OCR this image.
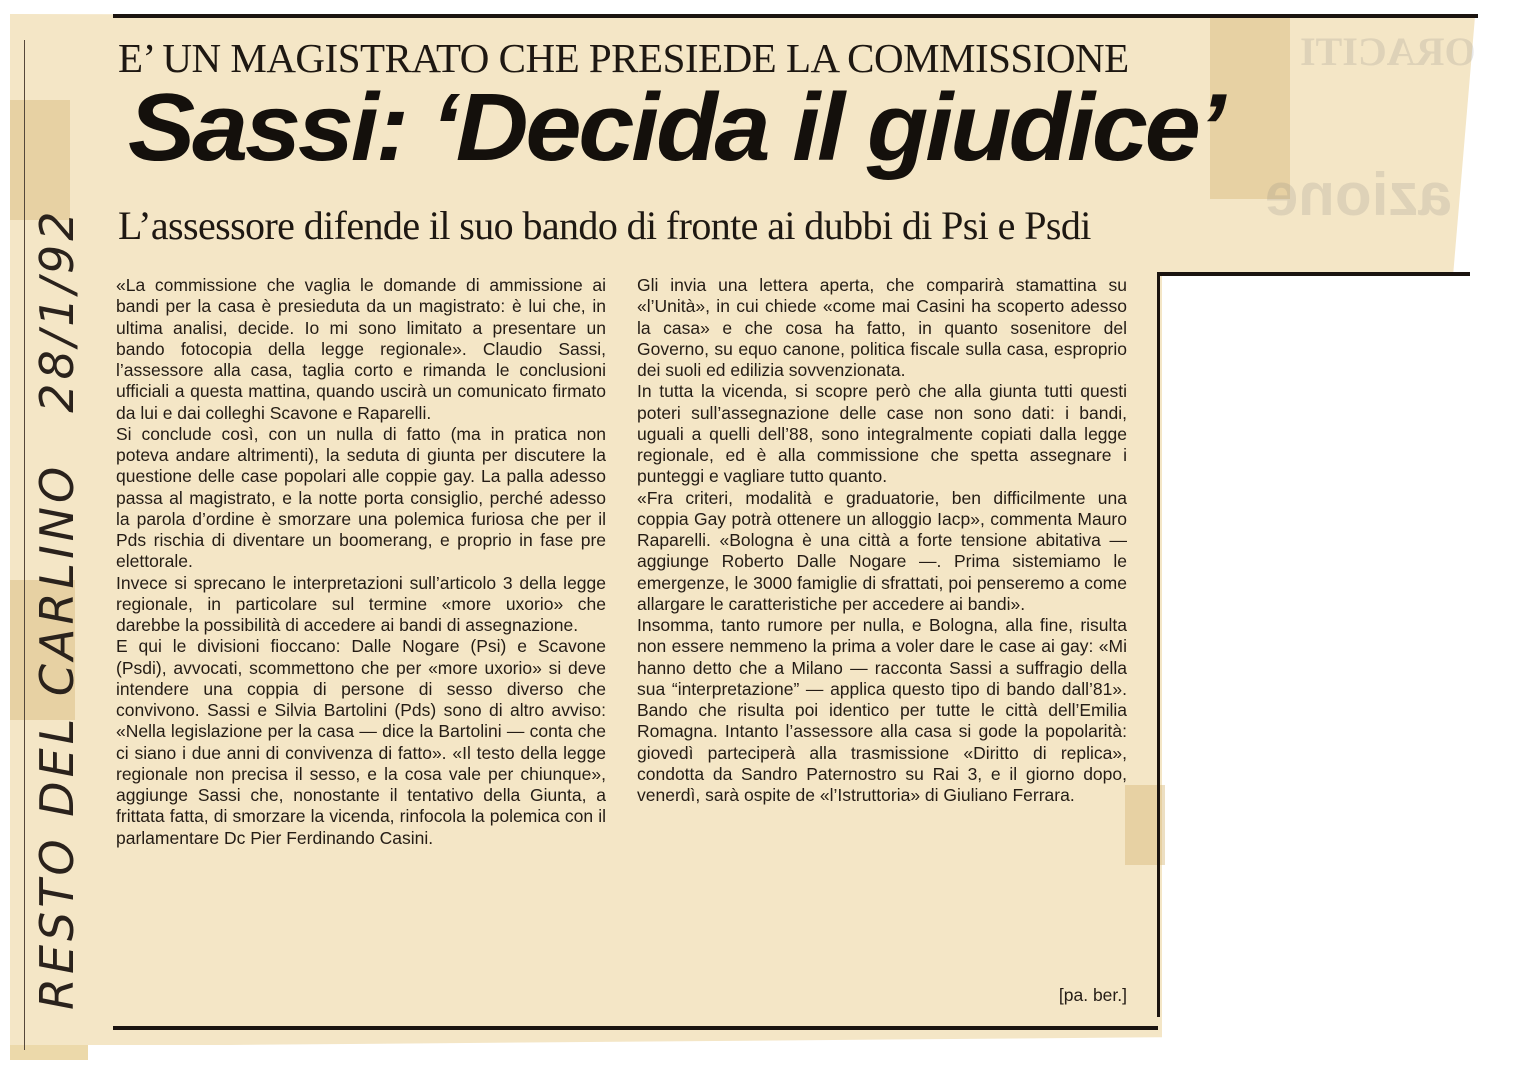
ORACITI
azione
E’ UN MAGISTRATO CHE PRESIEDE LA COMMISSIONE
Sassi: ‘Decida il giudice’
L’assessore difende il suo bando di fronte ai dubbi di Psi e Psdi

«La commissione che vaglia le domande di ammissione ai bandi per la casa è presieduta da un magistrato: è lui che, in ultima analisi, decide. Io mi sono limitato a presentare un bando fotocopia della legge regionale». Claudio Sassi, l’assessore alla casa, taglia corto e rimanda le conclusioni ufficiali a questa mattina, quando uscirà un comunicato firmato da lui e dai colleghi Scavone e Raparelli.

Si conclude così, con un nulla di fatto (ma in pratica non poteva andare altrimenti), la seduta di giunta per discutere la questione delle case popolari alle coppie gay. La palla adesso passa al magistrato, e la notte porta consiglio, perché adesso la parola d’ordine è smorzare una polemica furiosa che per il Pds rischia di diventare un boomerang, e proprio in fase pre elettorale.

Invece si sprecano le interpretazioni sull’articolo 3 della legge regionale, in particolare sul termine «more uxorio» che darebbe la possibilità di accedere ai bandi di assegnazione.

E qui le divisioni fioccano: Dalle Nogare (Psi) e Scavone (Psdi), avvocati, scommettono che per «more uxorio» si deve intendere una coppia di persone di sesso diverso che convivono. Sassi e Silvia Bartolini (Pds) sono di altro avviso: «Nella legislazione per la casa — dice la Bartolini — conta che ci siano i due anni di convivenza di fatto». «Il testo della legge regionale non precisa il sesso, e la cosa vale per chiunque», aggiunge Sassi che, nonostante il tentativo della Giunta, a frittata fatta, di smorzare la vicenda, rinfocola la polemica con il parlamentare Dc Pier Ferdinando Casini.

Gli invia una lettera aperta, che comparirà stamattina su «l’Unità», in cui chiede «come mai Casini ha scoperto adesso la casa» e che cosa ha fatto, in quanto sosenitore del Governo, su equo canone, politica fiscale sulla casa, esproprio dei suoli ed edilizia sovvenzionata.

In tutta la vicenda, si scopre però che alla giunta tutti questi poteri sull’assegnazione delle case non sono dati: i bandi, uguali a quelli dell’88, sono integralmente copiati dalla legge regionale, ed è alla commissione che spetta assegnare i punteggi e vagliare tutto quanto.

«Fra criteri, modalità e graduatorie, ben difficilmente una coppia Gay potrà ottenere un alloggio Iacp», commenta Mauro Raparelli. «Bologna è una città a forte tensione abitativa — aggiunge Roberto Dalle Nogare —. Prima sistemiamo le emergenze, le 3000 famiglie di sfrattati, poi penseremo a come allargare le caratteristiche per accedere ai bandi».

Insomma, tanto rumore per nulla, e Bologna, alla fine, risulta non essere nemmeno la prima a voler dare le case ai gay: «Mi hanno detto che a Milano — racconta Sassi a suffragio della sua “interpretazione” — applica questo tipo di bando dall’81». Bando che risulta poi identico per tutte le città dell’Emilia Romagna. Intanto l’assessore alla casa si gode la popolarità: giovedì parteciperà alla trasmissione «Diritto di replica», condotta da Sandro Paternostro su Rai 3, e il giorno dopo, venerdì, sarà ospite de «l’Istruttoria» di Giuliano Ferrara.

[pa. ber.]
RESTO DEL CARLINO28/1/92
